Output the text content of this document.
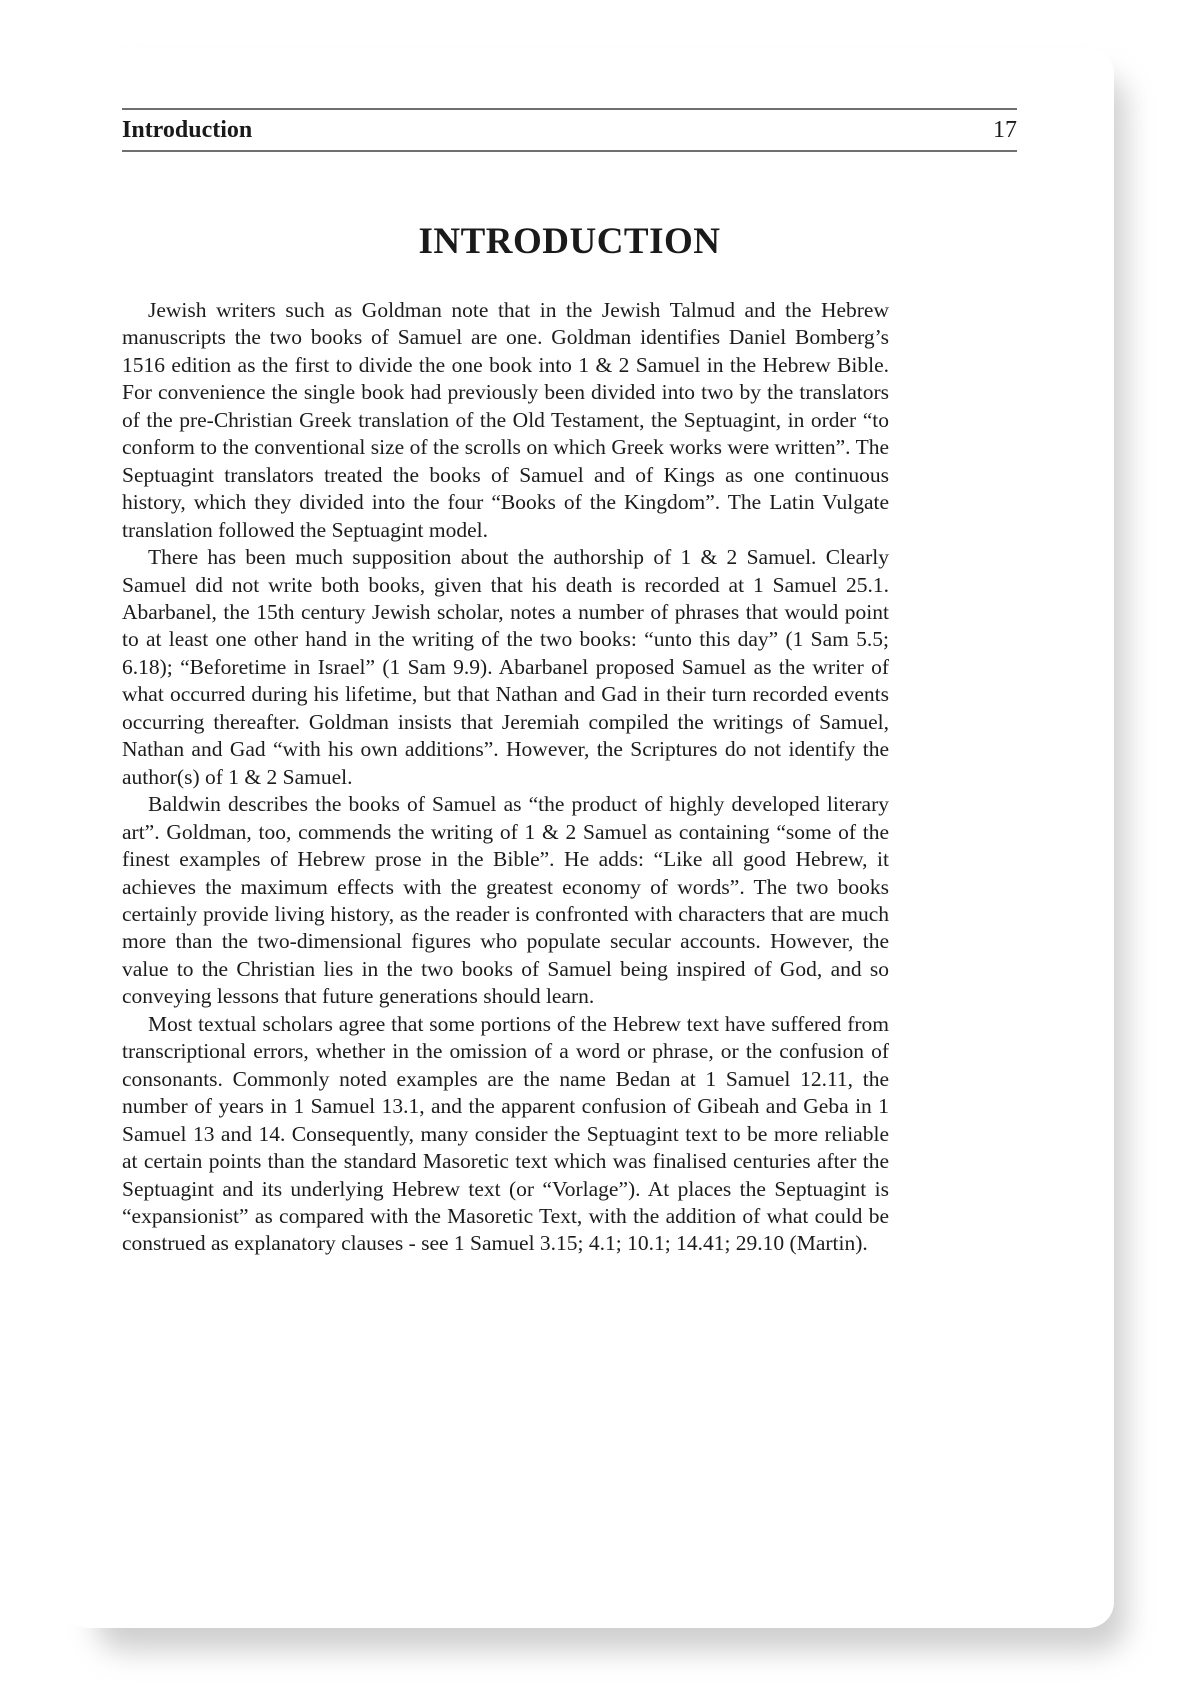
Introduction	17
INTRODUCTION

Jewish writers such as Goldman note that in the Jewish Talmud and the Hebrew manuscripts the two books of Samuel are one. Goldman identifies Daniel Bomberg’s 1516 edition as the first to divide the one book into 1 & 2 Samuel in the Hebrew Bible. For convenience the single book had previously been divided into two by the translators of the pre-Christian Greek translation of the Old Testament, the Septuagint, in order “to conform to the conventional size of the scrolls on which Greek works were written”. The Septuagint translators treated the books of Samuel and of Kings as one continuous history, which they divided into the four “Books of the Kingdom”. The Latin Vulgate translation followed the Septuagint model.

There has been much supposition about the authorship of 1 & 2 Samuel. Clearly Samuel did not write both books, given that his death is recorded at 1 Samuel 25.1. Abarbanel, the 15th century Jewish scholar, notes a number of phrases that would point to at least one other hand in the writing of the two books: “unto this day” (1 Sam 5.5; 6.18); “Beforetime in Israel” (1 Sam 9.9). Abarbanel proposed Samuel as the writer of what occurred during his lifetime, but that Nathan and Gad in their turn recorded events occurring thereafter. Goldman insists that Jeremiah compiled the writings of Samuel, Nathan and Gad “with his own additions”. However, the Scriptures do not identify the author(s) of 1 & 2 Samuel.

Baldwin describes the books of Samuel as “the product of highly developed literary art”. Goldman, too, commends the writing of 1 & 2 Samuel as containing “some of the finest examples of Hebrew prose in the Bible”. He adds: “Like all good Hebrew, it achieves the maximum effects with the greatest economy of words”. The two books certainly provide living history, as the reader is confronted with characters that are much more than the two-dimensional figures who populate secular accounts. However, the value to the Christian lies in the two books of Samuel being inspired of God, and so conveying lessons that future generations should learn.

Most textual scholars agree that some portions of the Hebrew text have suffered from transcriptional errors, whether in the omission of a word or phrase, or the confusion of consonants. Commonly noted examples are the name Bedan at 1 Samuel 12.11, the number of years in 1 Samuel 13.1, and the apparent confusion of Gibeah and Geba in 1 Samuel 13 and 14. Consequently, many consider the Septuagint text to be more reliable at certain points than the standard Masoretic text which was finalised centuries after the Septuagint and its underlying Hebrew text (or “Vorlage”). At places the Septuagint is “expansionist” as compared with the Masoretic Text, with the addition of what could be construed as explanatory clauses - see 1 Samuel 3.15; 4.1; 10.1; 14.41; 29.10 (Martin).
